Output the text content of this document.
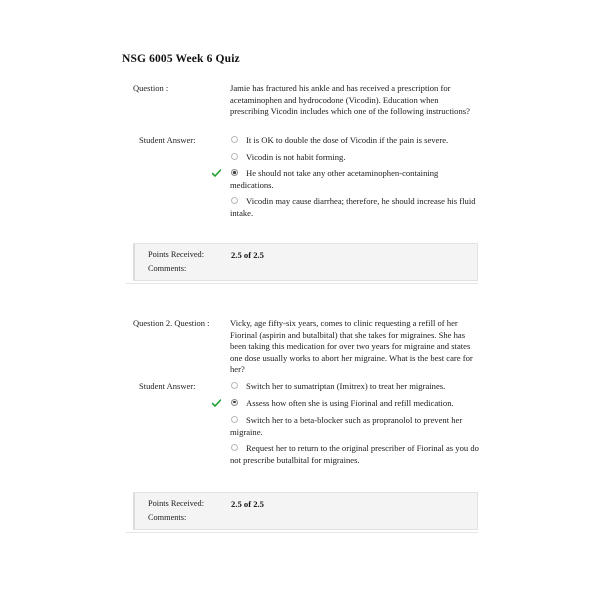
NSG 6005 Week 6 Quiz
Question :	Jamie has fractured his ankle and has received a prescription for acetaminophen and hydrocodone (Vicodin). Education when prescribing Vicodin includes which one of the following instructions?
Student Answer:	It is OK to double the dose of Vicodin if the pain is severe.
Vicodin is not habit forming.
He should not take any other acetaminophen-containing medications.
Vicodin may cause diarrhea; therefore, he should increase his fluid intake.
Points Received:	2.5 of 2.5
Comments:
Question 2. Question : Vicky, age fifty-six years, comes to clinic requesting a refill of her Fiorinal (aspirin and butalbital) that she takes for migraines. She has been taking this medication for over two years for migraine and states one dose usually works to abort her migraine. What is the best care for her?
Student Answer:	Switch her to sumatriptan (Imitrex) to treat her migraines.
Assess how often she is using Fiorinal and refill medication.
Switch her to a beta-blocker such as propranolol to prevent her migraine.
Request her to return to the original prescriber of Fiorinal as you do not prescribe butalbital for migraines.
Points Received:	2.5 of 2.5
Comments:
